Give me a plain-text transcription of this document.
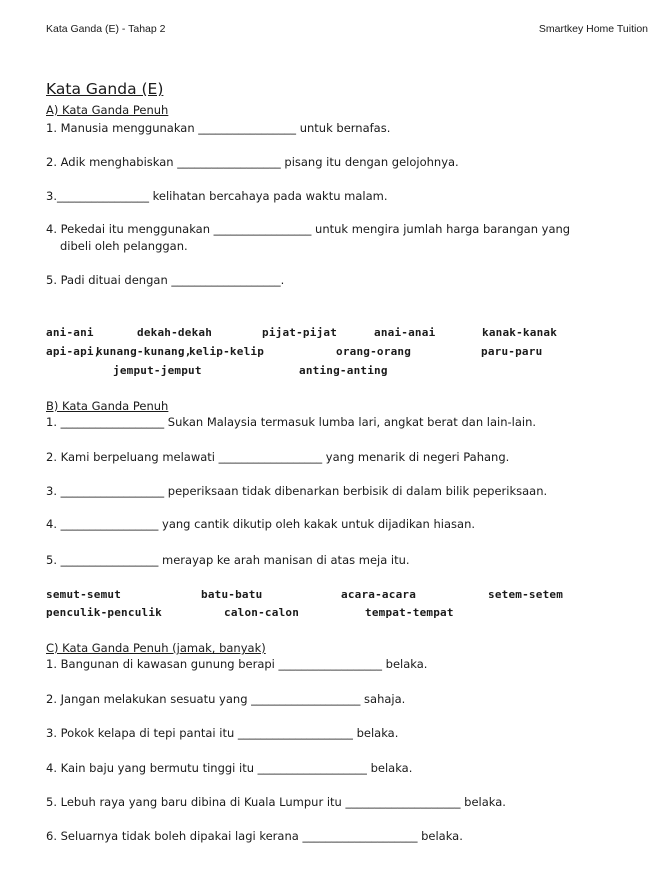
Kata Ganda (E) - Tahap 2	Smartkey Home Tuition
Kata Ganda (E)
A) Kata Ganda Penuh
1. Manusia menggunakan _________________ untuk bernafas.
2. Adik menghabiskan __________________ pisang itu dengan gelojohnya.
3.________________ kelihatan bercahaya pada waktu malam.
4. Pekedai itu menggunakan _________________ untuk mengira jumlah harga barangan yang
dibeli oleh pelanggan.
5. Padi dituai dengan ___________________.
ani-ani	dekah-dekah	pijat-pijat	anai-anai	kanak-kanak
api-api,
kunang-kunang,
kelip-kelip	orang-orang	paru-paru
jemput-jemput	anting-anting
B) Kata Ganda Penuh
1. __________________ Sukan Malaysia termasuk lumba lari, angkat berat dan lain-lain.
2. Kami berpeluang melawati __________________ yang menarik di negeri Pahang.
3. __________________ peperiksaan tidak dibenarkan berbisik di dalam bilik peperiksaan.
4. _________________ yang cantik dikutip oleh kakak untuk dijadikan hiasan.
5. _________________ merayap ke arah manisan di atas meja itu.
semut-semut	batu-batu	acara-acara	setem-setem
penculik-penculik	calon-calon	tempat-tempat
C) Kata Ganda Penuh (jamak, banyak)
1. Bangunan di kawasan gunung berapi __________________ belaka.
2. Jangan melakukan sesuatu yang ___________________ sahaja.
3. Pokok kelapa di tepi pantai itu ____________________ belaka.
4. Kain baju yang bermutu tinggi itu ___________________ belaka.
5. Lebuh raya yang baru dibina di Kuala Lumpur itu ____________________ belaka.
6. Seluarnya tidak boleh dipakai lagi kerana ____________________ belaka.
